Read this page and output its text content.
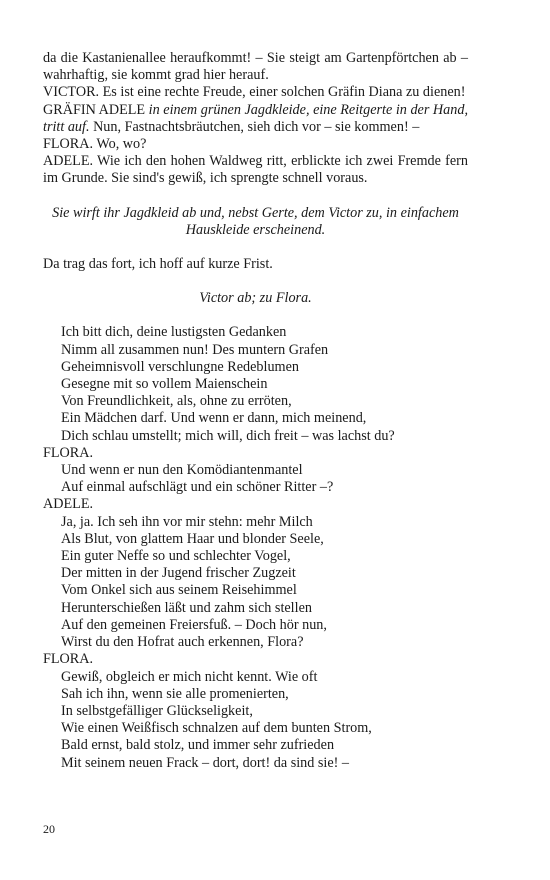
da die Kastanienallee heraufkommt! – Sie steigt am Gartenpförtchen ab – wahrhaftig, sie kommt grad hier herauf.

VICTOR. Es ist eine rechte Freude, einer solchen Gräfin Diana zu dienen!

GRÄFIN ADELE in einem grünen Jagdkleide, eine Reitgerte in der Hand, tritt auf. Nun, Fastnachtsbräutchen, sieh dich vor – sie kommen! –

FLORA. Wo, wo?

ADELE. Wie ich den hohen Waldweg ritt, erblickte ich zwei Fremde fern im Grunde. Sie sind's gewiß, ich sprengte schnell voraus.

Sie wirft ihr Jagdkleid ab und, nebst Gerte, dem Victor zu, in einfachem Hauskleide erscheinend.

Da trag das fort, ich hoff auf kurze Frist.

Victor ab; zu Flora.

Ich bitt dich, deine lustigsten Gedanken

Nimm all zusammen nun! Des muntern Grafen

Geheimnisvoll verschlungne Redeblumen

Gesegne mit so vollem Maienschein

Von Freundlichkeit, als, ohne zu erröten,

Ein Mädchen darf. Und wenn er dann, mich meinend,

Dich schlau umstellt; mich will, dich freit – was lachst du?

FLORA.

Und wenn er nun den Komödiantenmantel

Auf einmal aufschlägt und ein schöner Ritter –?

ADELE.

Ja, ja. Ich seh ihn vor mir stehn: mehr Milch

Als Blut, von glattem Haar und blonder Seele,

Ein guter Neffe so und schlechter Vogel,

Der mitten in der Jugend frischer Zugzeit

Vom Onkel sich aus seinem Reisehimmel

Herunterschießen läßt und zahm sich stellen

Auf den gemeinen Freiersfuß. – Doch hör nun,

Wirst du den Hofrat auch erkennen, Flora?

FLORA.

Gewiß, obgleich er mich nicht kennt. Wie oft

Sah ich ihn, wenn sie alle promenierten,

In selbstgefälliger Glückseligkeit,

Wie einen Weißfisch schnalzen auf dem bunten Strom,

Bald ernst, bald stolz, und immer sehr zufrieden

Mit seinem neuen Frack – dort, dort! da sind sie! –

20
